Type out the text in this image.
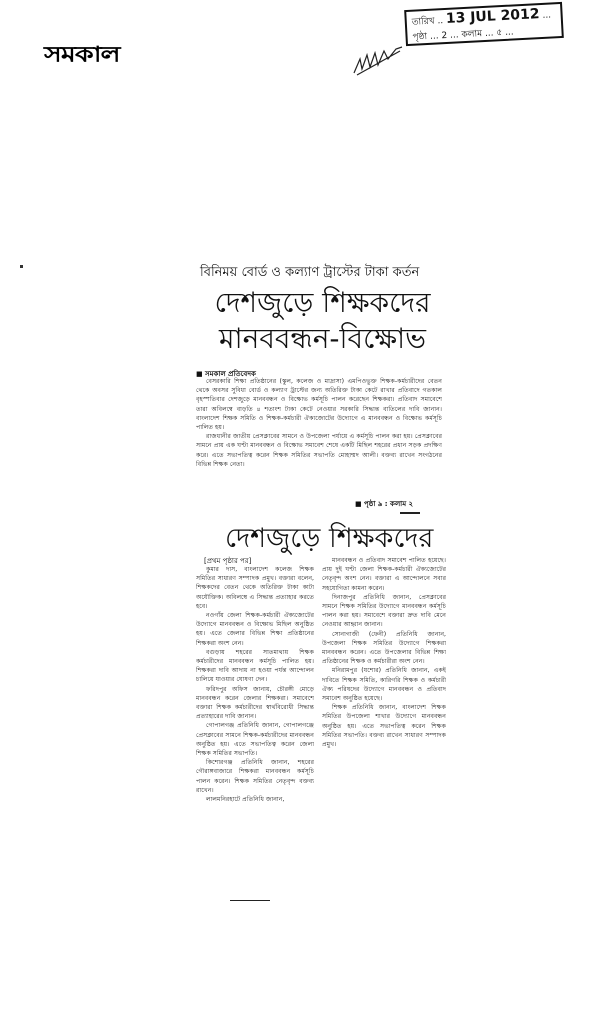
সমকাল
তারিখ .. 13 JUL 2012 ...
পৃষ্ঠা ... 2 ... কলাম ... ৫ ...
বিনিময় বোর্ড ও কল্যাণ ট্রাস্টের টাকা কর্তন
দেশজুড়ে শিক্ষকদের
মানববন্ধন-বিক্ষোভ
■ সমকাল প্রতিবেদক

বেসরকারি শিক্ষা প্রতিষ্ঠানের (স্কুল, কলেজ ও মাদ্রাসা) এমপিওভুক্ত শিক্ষক-কর্মচারীদের বেতন থেকে অবসর সুবিধা বোর্ড ও কল্যাণ ট্রাস্টের জন্য অতিরিক্ত টাকা কেটে রাখার প্রতিবাদে গতকাল বৃহস্পতিবার দেশজুড়ে মানববন্ধন ও বিক্ষোভ কর্মসূচি পালন করেছেন শিক্ষকরা। প্রতিবাদ সমাবেশে তারা অবিলম্বে বাড়তি ৪ শতাংশ টাকা কেটে নেওয়ার সরকারি সিদ্ধান্ত বাতিলের দাবি জানান। বাংলাদেশ শিক্ষক সমিতি ও শিক্ষক-কর্মচারী ঐক্যজোটের উদ্যোগে এ মানববন্ধন ও বিক্ষোভ কর্মসূচি পালিত হয়।

রাজধানীর জাতীয় প্রেসক্লাবের সামনে ও উপজেলা পর্যায়ে এ কর্মসূচি পালন করা হয়। প্রেসক্লাবের সামনে প্রায় এক ঘণ্টা মানববন্ধন ও বিক্ষোভ সমাবেশ শেষে একটি মিছিল শহরের প্রধান সড়ক প্রদক্ষিণ করে। এতে সভাপতিত্ব করেন শিক্ষক সমিতির সভাপতি মোহাম্মদ আলী। বক্তব্য রাখেন সংগঠনের বিভিন্ন শিক্ষক নেতা।

■ পৃষ্ঠা ৯ : কলাম ২
দেশজুড়ে শিক্ষকদের
[প্রথম পৃষ্ঠার পর]

কুমার দাস, বাংলাদেশ কলেজ শিক্ষক সমিতির সাধারণ সম্পাদক প্রমুখ। বক্তারা বলেন, শিক্ষকদের বেতন থেকে অতিরিক্ত টাকা কাটা অযৌক্তিক। অবিলম্বে এ সিদ্ধান্ত প্রত্যাহার করতে হবে।

নওগাঁয় জেলা শিক্ষক-কর্মচারী ঐক্যজোটের উদ্যোগে মানববন্ধন ও বিক্ষোভ মিছিল অনুষ্ঠিত হয়। এতে জেলার বিভিন্ন শিক্ষা প্রতিষ্ঠানের শিক্ষকরা অংশ নেন।

বগুড়ায় শহরের সাতমাথায় শিক্ষক কর্মচারীদের মানববন্ধন কর্মসূচি পালিত হয়। শিক্ষকরা দাবি আদায় না হওয়া পর্যন্ত আন্দোলন চালিয়ে যাওয়ার ঘোষণা দেন।

ফরিদপুর অফিস জানায়, চৌরঙ্গী মোড়ে মানববন্ধন করেন জেলার শিক্ষকরা। সমাবেশে বক্তারা শিক্ষক কর্মচারীদের স্বার্থবিরোধী সিদ্ধান্ত প্রত্যাহারের দাবি জানান।

গোপালগঞ্জ প্রতিনিধি জানান, গোপালগঞ্জে প্রেসক্লাবের সামনে শিক্ষক-কর্মচারীদের মানববন্ধন অনুষ্ঠিত হয়। এতে সভাপতিত্ব করেন জেলা শিক্ষক সমিতির সভাপতি।

কিশোরগঞ্জ প্রতিনিধি জানান, শহরের গৌরাঙ্গবাজারে শিক্ষকরা মানববন্ধন কর্মসূচি পালন করেন। শিক্ষক সমিতির নেতৃবৃন্দ বক্তব্য রাখেন।

লালমনিরহাটে প্রতিনিধি জানান,

মানববন্ধন ও প্রতিবাদ সমাবেশ পালিত হয়েছে। প্রায় দুই ঘণ্টা জেলা শিক্ষক-কর্মচারী ঐক্যজোটের নেতৃবৃন্দ অংশ নেন। বক্তারা এ আন্দোলনে সবার সহযোগিতা কামনা করেন।

দিনাজপুর প্রতিনিধি জানান, প্রেসক্লাবের সামনে শিক্ষক সমিতির উদ্যোগে মানববন্ধন কর্মসূচি পালন করা হয়। সমাবেশে বক্তারা দ্রুত দাবি মেনে নেওয়ার আহ্বান জানান।

সোনাগাজী (ফেনী) প্রতিনিধি জানান, উপজেলা শিক্ষক সমিতির উদ্যোগে শিক্ষকরা মানববন্ধন করেন। এতে উপজেলার বিভিন্ন শিক্ষা প্রতিষ্ঠানের শিক্ষক ও কর্মচারীরা অংশ নেন।

মনিরামপুর (যশোর) প্রতিনিধি জানান, একই দাবিতে শিক্ষক সমিতি, কারিগরি শিক্ষক ও কর্মচারী ঐক্য পরিষদের উদ্যোগে মানববন্ধন ও প্রতিবাদ সমাবেশ অনুষ্ঠিত হয়েছে।

শিক্ষক প্রতিনিধি জানান, বাংলাদেশ শিক্ষক সমিতির উপজেলা শাখার উদ্যোগে মানববন্ধন অনুষ্ঠিত হয়। এতে সভাপতিত্ব করেন শিক্ষক সমিতির সভাপতি। বক্তব্য রাখেন সাধারণ সম্পাদক প্রমুখ।
